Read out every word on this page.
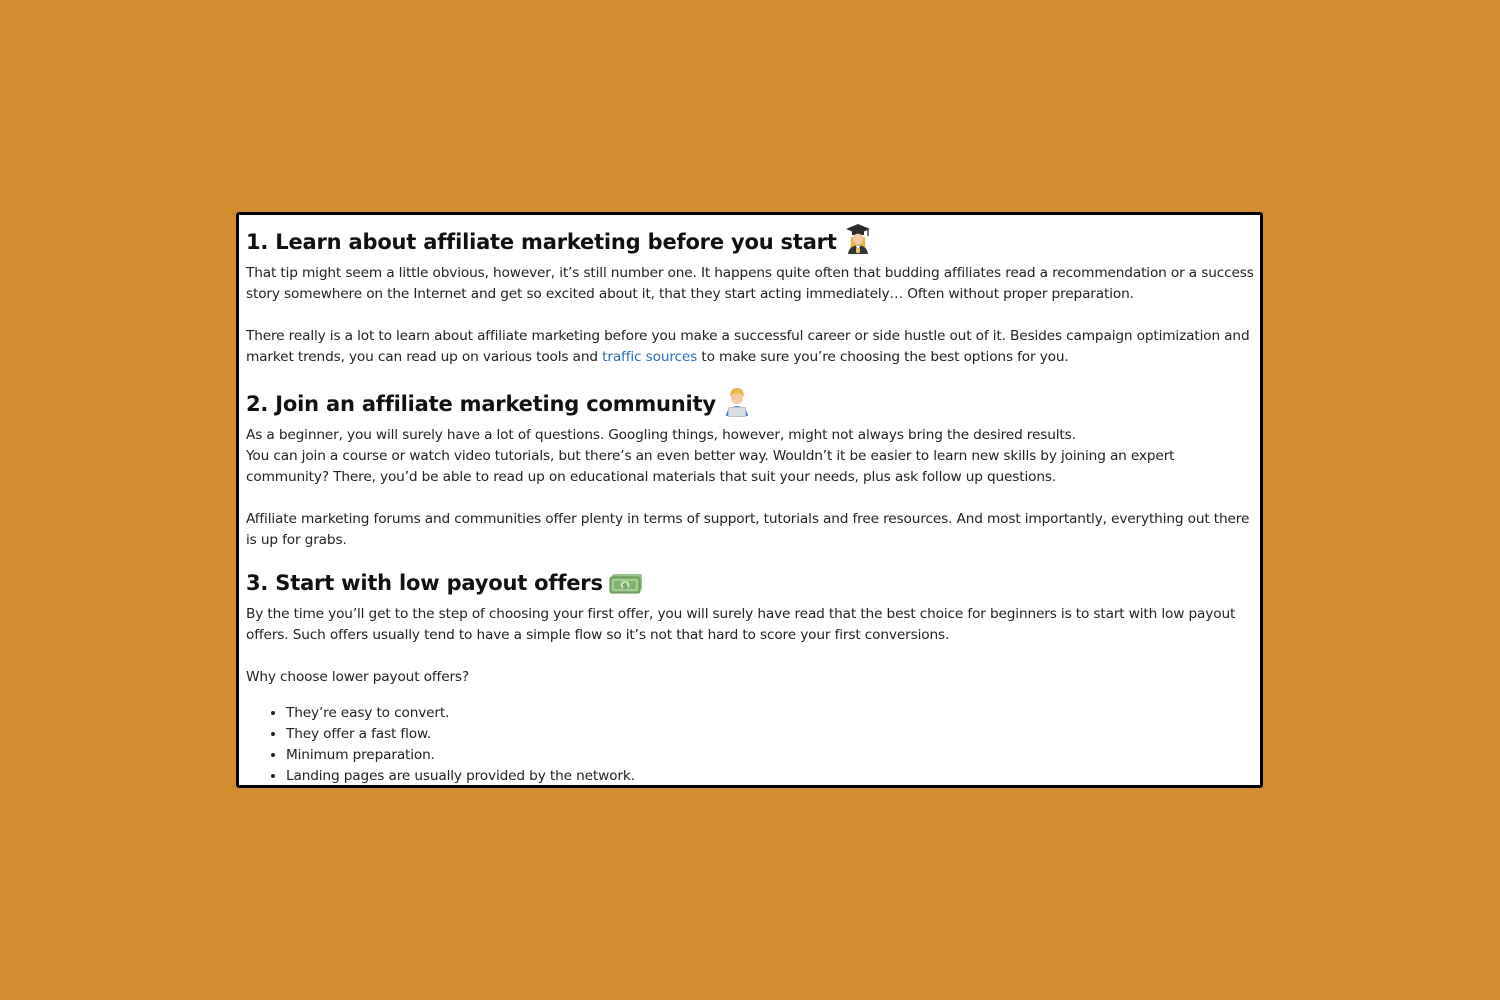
1. Learn about affiliate marketing before you start

That tip might seem a little obvious, however, it’s still number one. It happens quite often that budding affiliates read a recommendation or a success story somewhere on the Internet and get so excited about it, that they start acting immediately… Often without proper preparation.

There really is a lot to learn about affiliate marketing before you make a successful career or side hustle out of it. Besides campaign optimization and market trends, you can read up on various tools and traffic sources to make sure you’re choosing the best options for you.

2. Join an affiliate marketing community

As a beginner, you will surely have a lot of questions. Googling things, however, might not always bring the desired results.

You can join a course or watch video tutorials, but there’s an even better way. Wouldn’t it be easier to learn new skills by joining an expert community? There, you’d be able to read up on educational materials that suit your needs, plus ask follow up questions.

Affiliate marketing forums and communities offer plenty in terms of support, tutorials and free resources. And most importantly, everything out there is up for grabs.

3. Start with low payout offers $

By the time you’ll get to the step of choosing your first offer, you will surely have read that the best choice for beginners is to start with low payout offers. Such offers usually tend to have a simple flow so it’s not that hard to score your first conversions.

Why choose lower payout offers?

• They’re easy to convert.
• They offer a fast flow.
• Minimum preparation.
• Landing pages are usually provided by the network.
